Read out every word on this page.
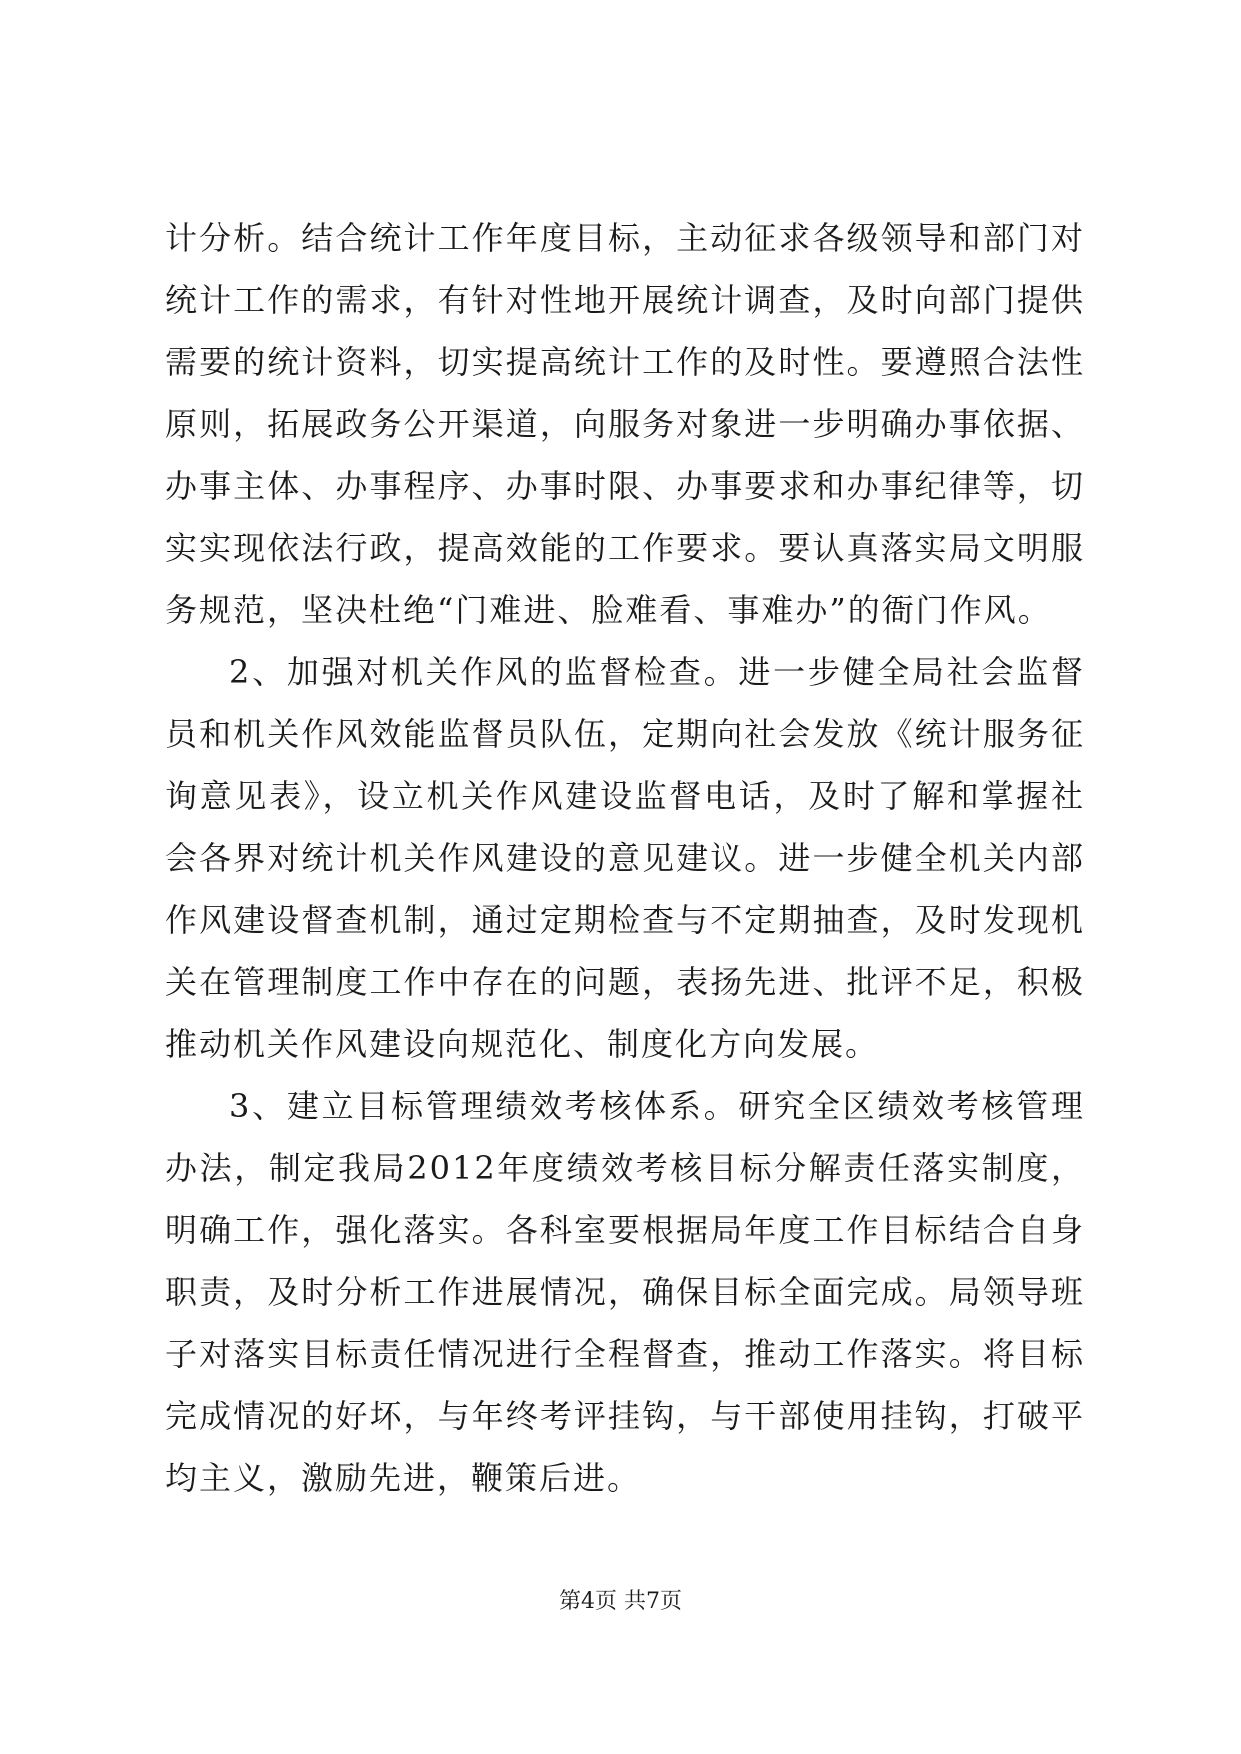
计分析。结合统计工作年度目标，主动征求各级领导和部门对统计工作的需求，有针对性地开展统计调查，及时向部门提供需要的统计资料，切实提高统计工作的及时性。要遵照合法性原则，拓展政务公开渠道，向服务对象进一步明确办事依据、办事主体、办事程序、办事时限、办事要求和办事纪律等，切实实现依法行政，提高效能的工作要求。要认真落实局文明服务规范，坚决杜绝“门难进、脸难看、事难办”的衙门作风。

2、加强对机关作风的监督检查。进一步健全局社会监督员和机关作风效能监督员队伍，定期向社会发放《统计服务征询意见表》，设立机关作风建设监督电话，及时了解和掌握社会各界对统计机关作风建设的意见建议。进一步健全机关内部作风建设督查机制，通过定期检查与不定期抽查，及时发现机关在管理制度工作中存在的问题，表扬先进、批评不足，积极推动机关作风建设向规范化、制度化方向发展。

3、建立目标管理绩效考核体系。研究全区绩效考核管理办法，制定我局2012年度绩效考核目标分解责任落实制度，明确工作，强化落实。各科室要根据局年度工作目标结合自身职责，及时分析工作进展情况，确保目标全面完成。局领导班子对落实目标责任情况进行全程督查，推动工作落实。将目标完成情况的好坏，与年终考评挂钩，与干部使用挂钩，打破平均主义，激励先进，鞭策后进。

第4页 共7页
